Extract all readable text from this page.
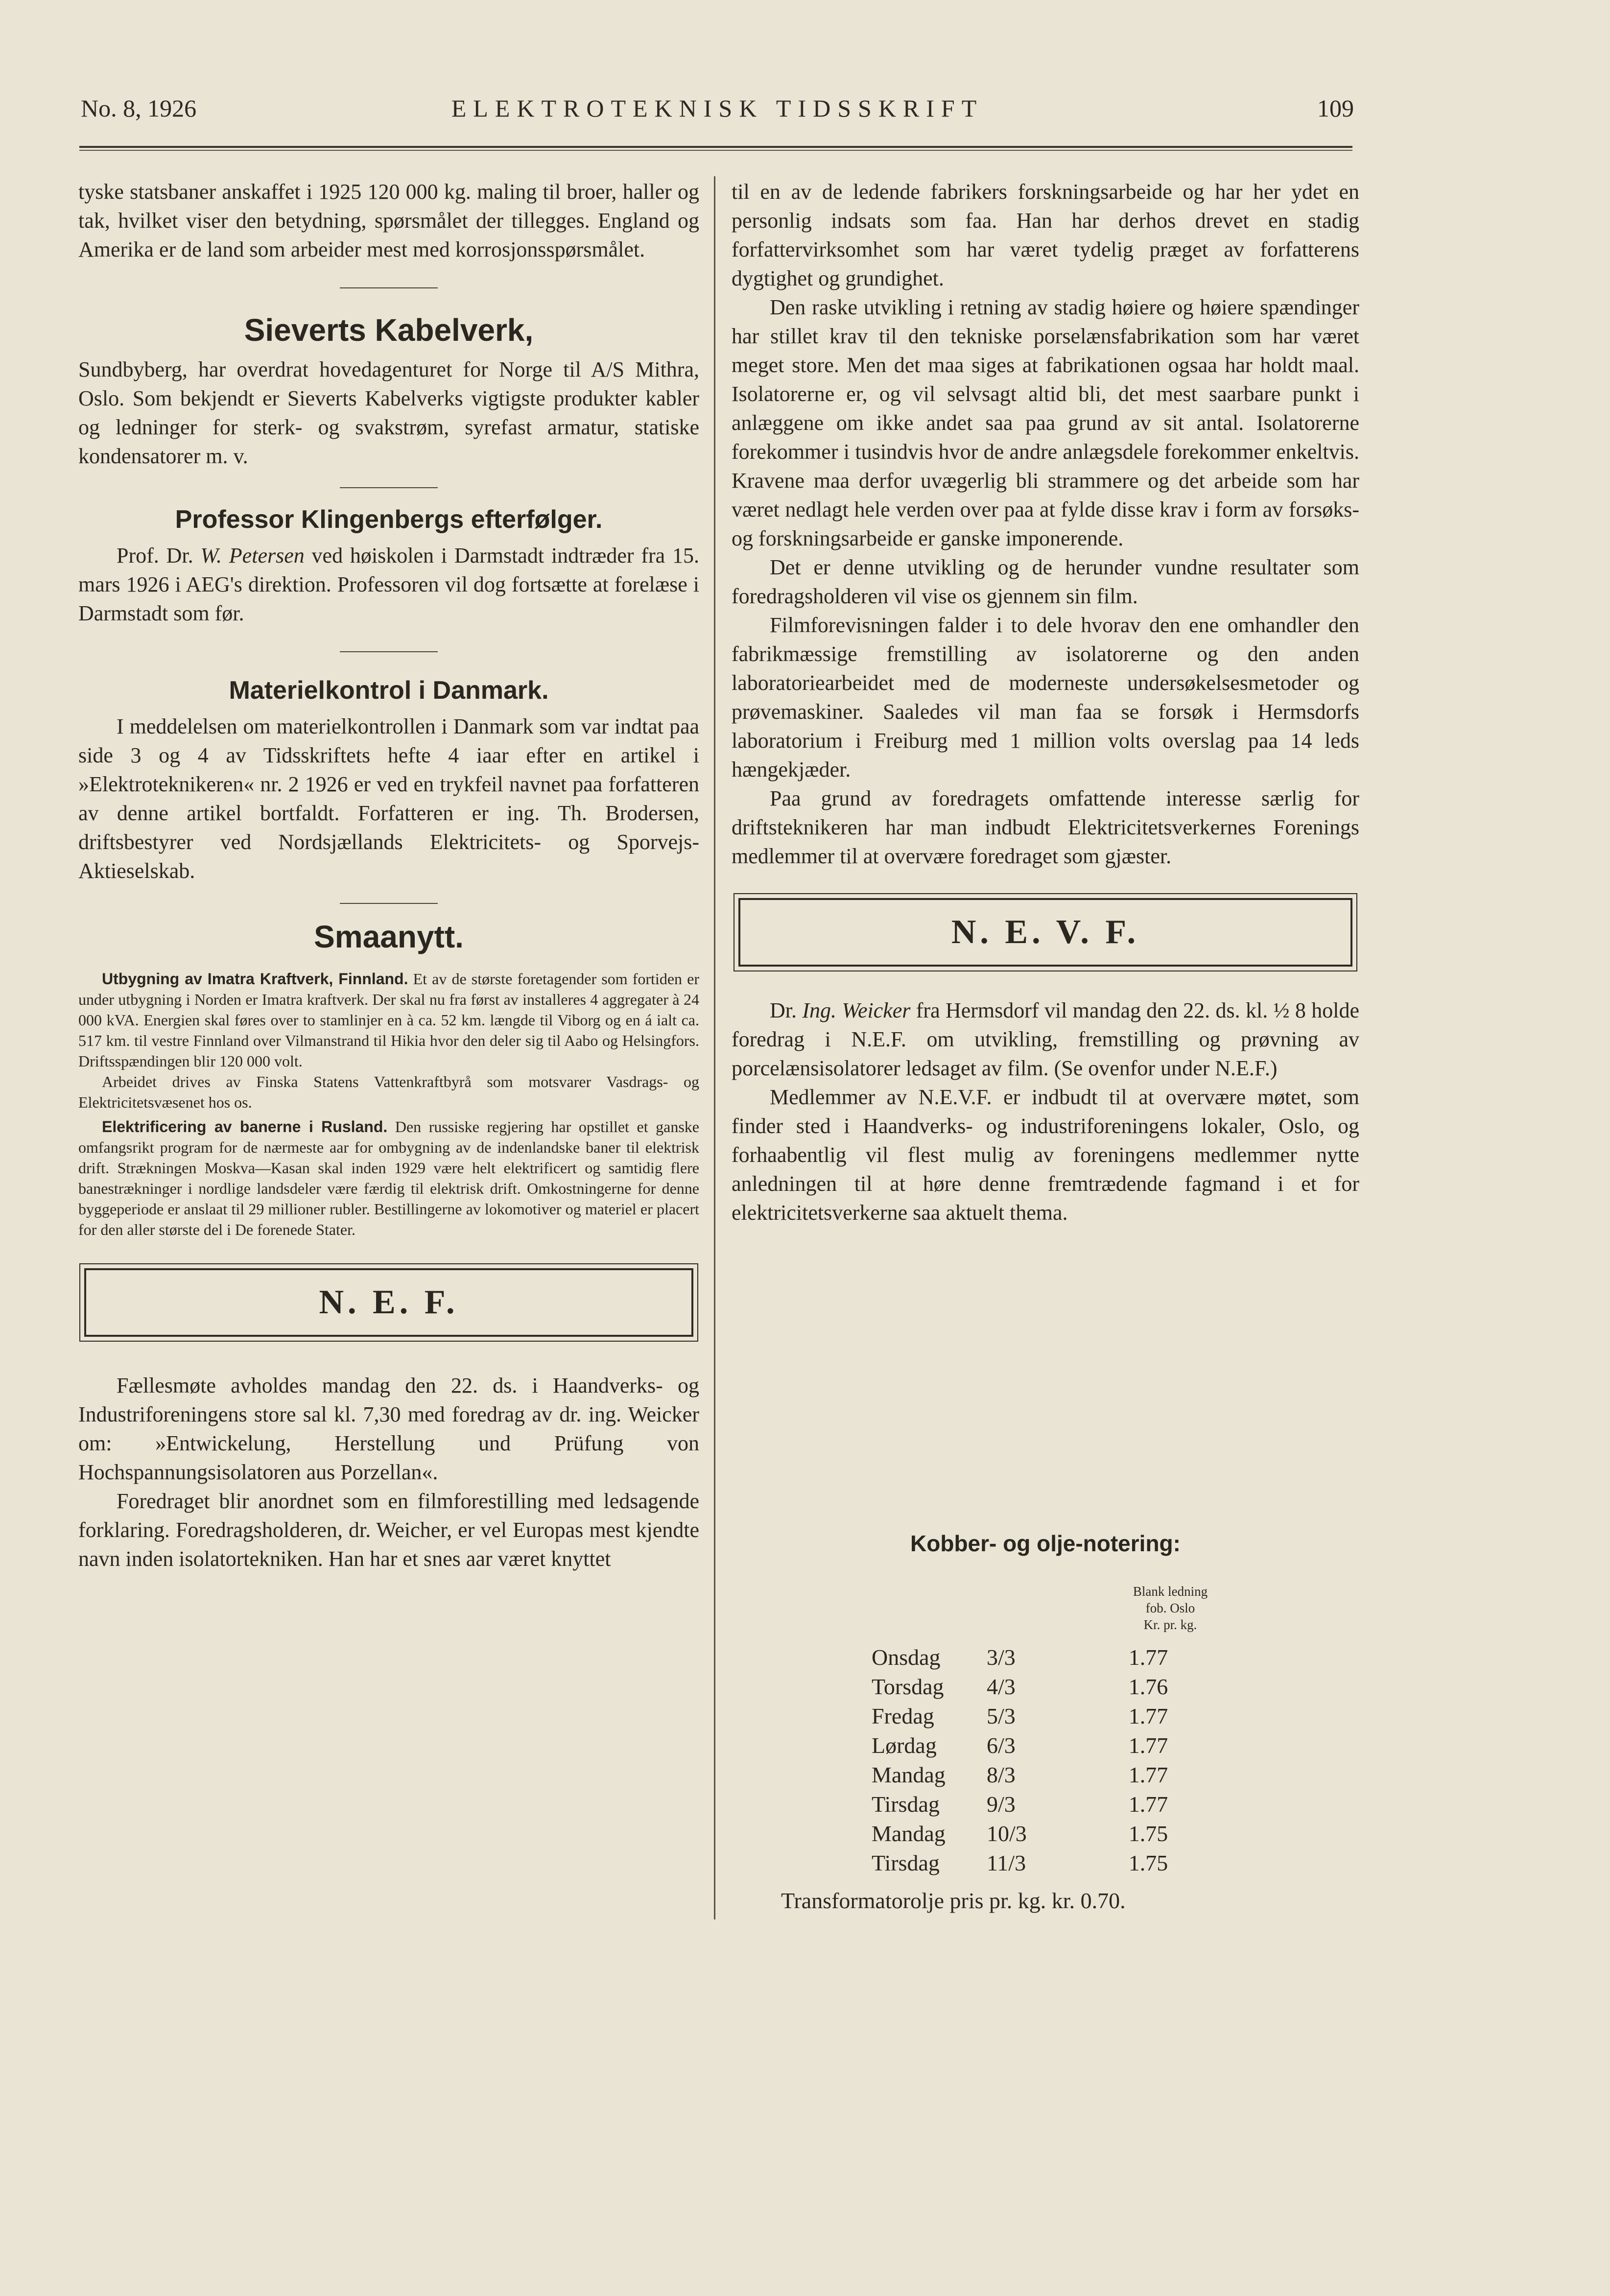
No. 8, 1926	ELEKTROTEKNISK TIDSSKRIFT	109

tyske statsbaner anskaffet i 1925 120 000 kg. maling til broer, haller og tak, hvilket viser den betydning, spørsmålet der tillegges. England og Amerika er de land som arbeider mest med korrosjonsspørsmålet.

Sieverts Kabelverk,

Sundbyberg, har overdrat hovedagenturet for Norge til A/S Mithra, Oslo. Som bekjendt er Sieverts Kabelverks vigtigste produkter kabler og ledninger for sterk- og svakstrøm, syrefast armatur, statiske kondensatorer m. v.

Professor Klingenbergs efterfølger.

Prof. Dr. W. Petersen ved høiskolen i Darmstadt indtræder fra 15. mars 1926 i AEG's direktion. Professoren vil dog fortsætte at forelæse i Darmstadt som før.

Materielkontrol i Danmark.

I meddelelsen om materielkontrollen i Danmark som var indtat paa side 3 og 4 av Tidsskriftets hefte 4 iaar efter en artikel i »Elektroteknikeren« nr. 2 1926 er ved en trykfeil navnet paa forfatteren av denne artikel bortfaldt. Forfatteren er ing. Th. Brodersen, driftsbestyrer ved Nordsjællands Elektricitets- og Sporvejs-Aktieselskab.

Smaanytt.

Utbygning av Imatra Kraftverk, Finnland. Et av de største foretagender som fortiden er under utbygning i Norden er Imatra kraftverk. Der skal nu fra først av installeres 4 aggregater à 24 000 kVA. Energien skal føres over to stamlinjer en à ca. 52 km. længde til Viborg og en á ialt ca. 517 km. til vestre Finnland over Vilmanstrand til Hikia hvor den deler sig til Aabo og Helsingfors. Driftsspændingen blir 120 000 volt.

Arbeidet drives av Finska Statens Vattenkraftbyrå som motsvarer Vasdrags- og Elektricitetsvæsenet hos os.

Elektrificering av banerne i Rusland. Den russiske regjering har opstillet et ganske omfangsrikt program for de nærmeste aar for ombygning av de indenlandske baner til elektrisk drift. Strækningen Moskva—Kasan skal inden 1929 være helt elektrificert og samtidig flere banestrækninger i nordlige landsdeler være færdig til elektrisk drift. Omkostningerne for denne byggeperiode er anslaat til 29 millioner rubler. Bestillingerne av lokomotiver og materiel er placert for den aller største del i De forenede Stater.

N. E. F.

Fællesmøte avholdes mandag den 22. ds. i Haandverks- og Industriforeningens store sal kl. 7,30 med foredrag av dr. ing. Weicker om: »Entwickelung, Herstellung und Prüfung von Hochspannungsisolatoren aus Porzellan«.

Foredraget blir anordnet som en filmforestilling med ledsagende forklaring. Foredragsholderen, dr. Weicher, er vel Europas mest kjendte navn inden isolatortekniken. Han har et snes aar været knyttet

til en av de ledende fabrikers forskningsarbeide og har her ydet en personlig indsats som faa. Han har derhos drevet en stadig forfattervirksomhet som har været tydelig præget av forfatterens dygtighet og grundighet.

Den raske utvikling i retning av stadig høiere og høiere spændinger har stillet krav til den tekniske porselænsfabrikation som har været meget store. Men det maa siges at fabrikationen ogsaa har holdt maal. Isolatorerne er, og vil selvsagt altid bli, det mest saarbare punkt i anlæggene om ikke andet saa paa grund av sit antal. Isolatorerne forekommer i tusindvis hvor de andre anlægsdele forekommer enkeltvis. Kravene maa derfor uvægerlig bli strammere og det arbeide som har været nedlagt hele verden over paa at fylde disse krav i form av forsøks- og forskningsarbeide er ganske imponerende.

Det er denne utvikling og de herunder vundne resultater som foredragsholderen vil vise os gjennem sin film.

Filmforevisningen falder i to dele hvorav den ene omhandler den fabrikmæssige fremstilling av isolatorerne og den anden laboratoriearbeidet med de moderneste undersøkelsesmetoder og prøvemaskiner. Saaledes vil man faa se forsøk i Hermsdorfs laboratorium i Freiburg med 1 million volts overslag paa 14 leds hængekjæder.

Paa grund av foredragets omfattende interesse særlig for driftsteknikeren har man indbudt Elektricitetsverkernes Forenings medlemmer til at overvære foredraget som gjæster.

N. E. V. F.

Dr. Ing. Weicker fra Hermsdorf vil mandag den 22. ds. kl. ½ 8 holde foredrag i N.E.F. om utvikling, fremstilling og prøvning av porcelænsisolatorer ledsaget av film. (Se ovenfor under N.E.F.)

Medlemmer av N.E.V.F. er indbudt til at overvære møtet, som finder sted i Haandverks- og industriforeningens lokaler, Oslo, og forhaabentlig vil flest mulig av foreningens medlemmer nytte anledningen til at høre denne fremtrædende fagmand i et for elektricitetsverkerne saa aktuelt thema.

Kobber- og olje-notering:
Blank ledning
fob. Oslo
Kr. pr. kg.
Onsdag	3/3	1.77
Torsdag	4/3	1.76
Fredag	5/3	1.77
Lørdag	6/3	1.77
Mandag	8/3	1.77
Tirsdag	9/3	1.77
Mandag	10/3	1.75
Tirsdag	11/3	1.75
Transformatorolje pris pr. kg. kr. 0.70.
